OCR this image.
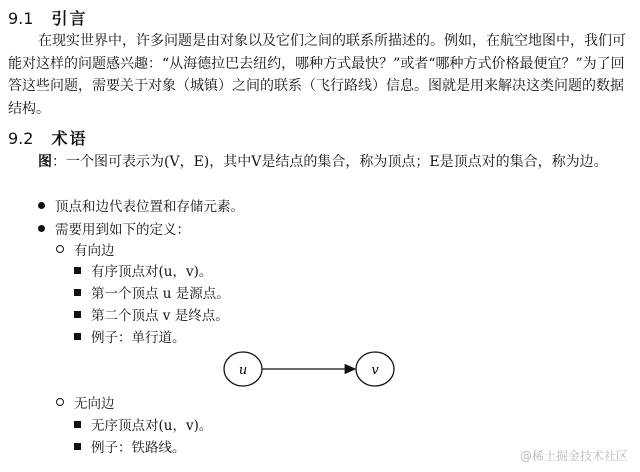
9.1 引言
在现实世界中，许多问题是由对象以及它们之间的联系所描述的。例如，在航空地图中，我们可能对这样的问题感兴趣：“从海德拉巴去纽约，哪种方式最快？”或者“哪种方式价格最便宜？”为了回答这些问题，需要关于对象（城镇）之间的联系（飞行路线）信息。图就是用来解决这类问题的数据结构。
9.2 术语
图：一个图可表示为(V，E)，其中V是结点的集合，称为顶点；E是顶点对的集合，称为边。
顶点和边代表位置和存储元素。
需要用到如下的定义：
有向边
有序顶点对(u，v)。
第一个顶点 u 是源点。
第二个顶点 v 是终点。
例子：单行道。
u	v
无向边
无序顶点对(u，v)。
例子：铁路线。	@稀土掘金技术社区
